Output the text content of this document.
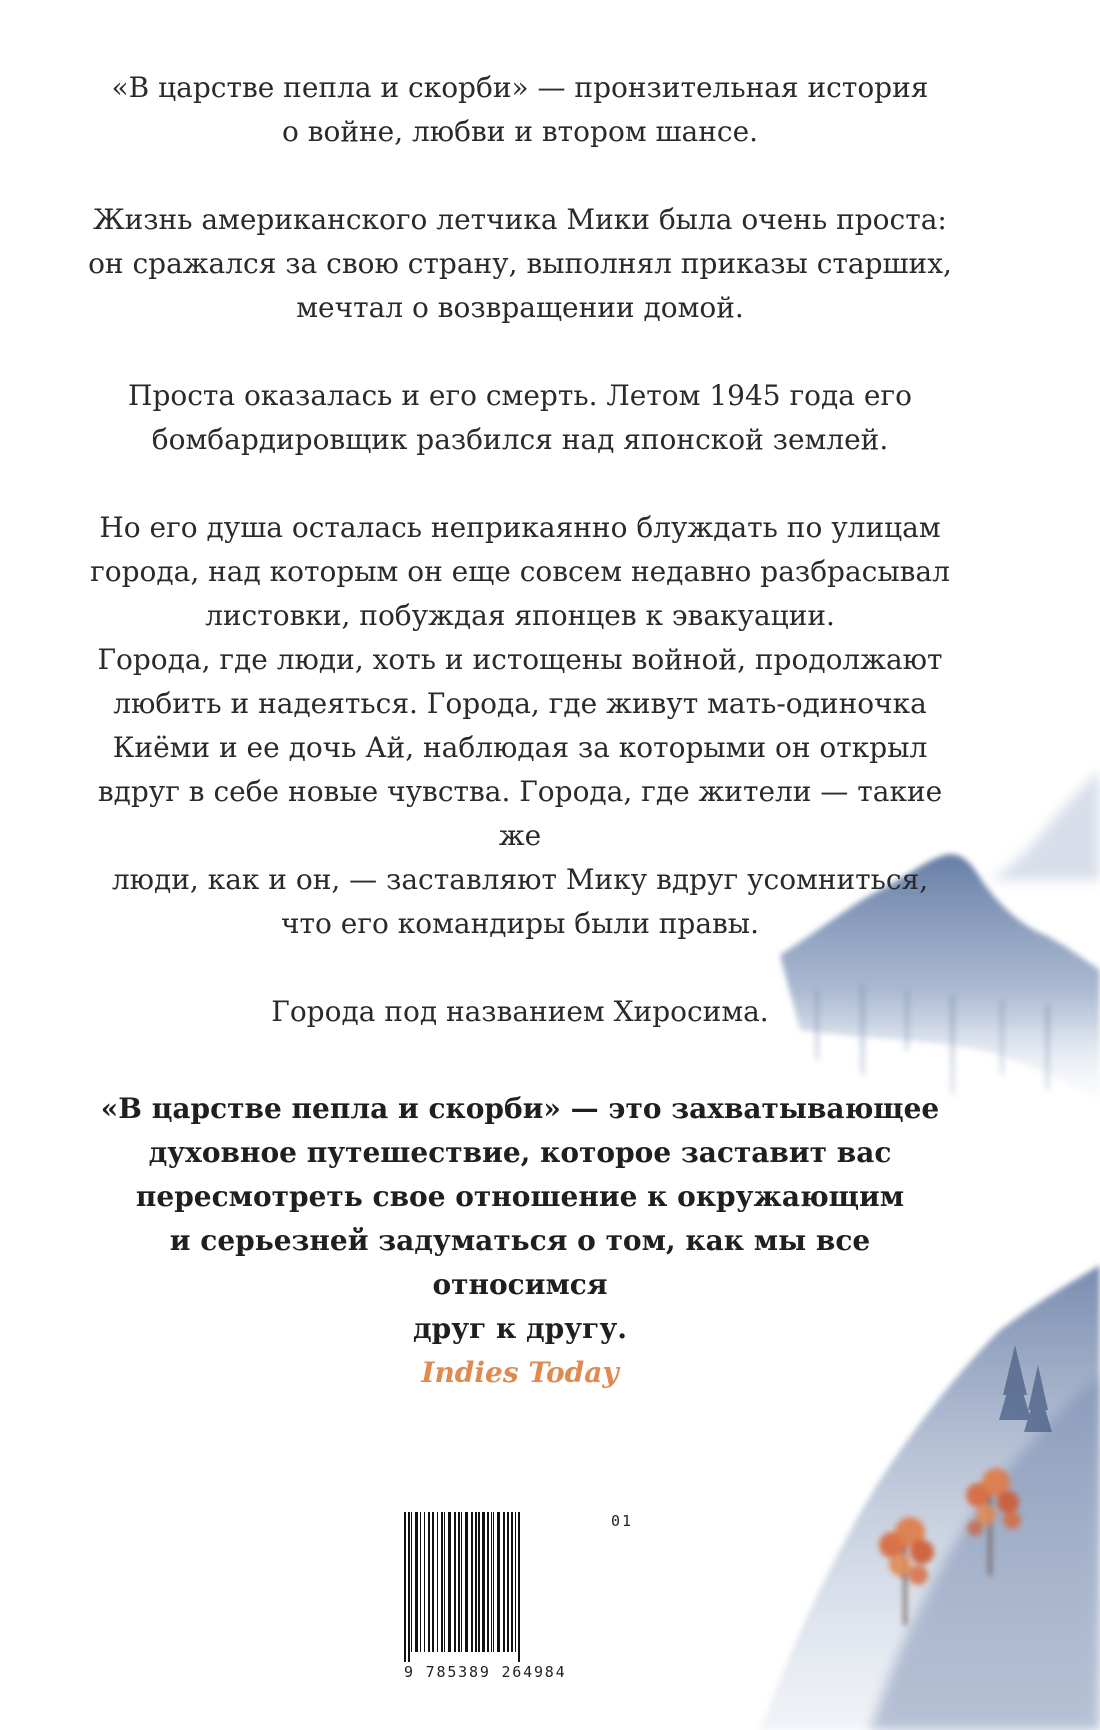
«В царстве пепла и скорби» — пронзительная история
о войне, любви и втором шансе.

Жизнь американского летчика Мики была очень проста:
он сражался за свою страну, выполнял приказы старших,
мечтал о возвращении домой.

Проста оказалась и его смерть. Летом 1945 года его
бомбардировщик разбился над японской землей.

Но его душа осталась неприкаянно блуждать по улицам
города, над которым он еще совсем недавно разбрасывал
листовки, побуждая японцев к эвакуации.

Города, где люди, хоть и истощены войной, продолжают
любить и надеяться. Города, где живут мать-одиночка
Киёми и ее дочь Ай, наблюдая за которыми он открыл
вдруг в себе новые чувства. Города, где жители — такие же
люди, как и он, — заставляют Мику вдруг усомниться,
что его командиры были правы.

Города под названием Хиросима.

«В царстве пепла и скорби» — это захватывающее
духовное путешествие, которое заставит вас
пересмотреть свое отношение к окружающим
и серьезней задуматься о том, как мы все относимся
друг к другу.

Indies Today

9 785389 264984
01
